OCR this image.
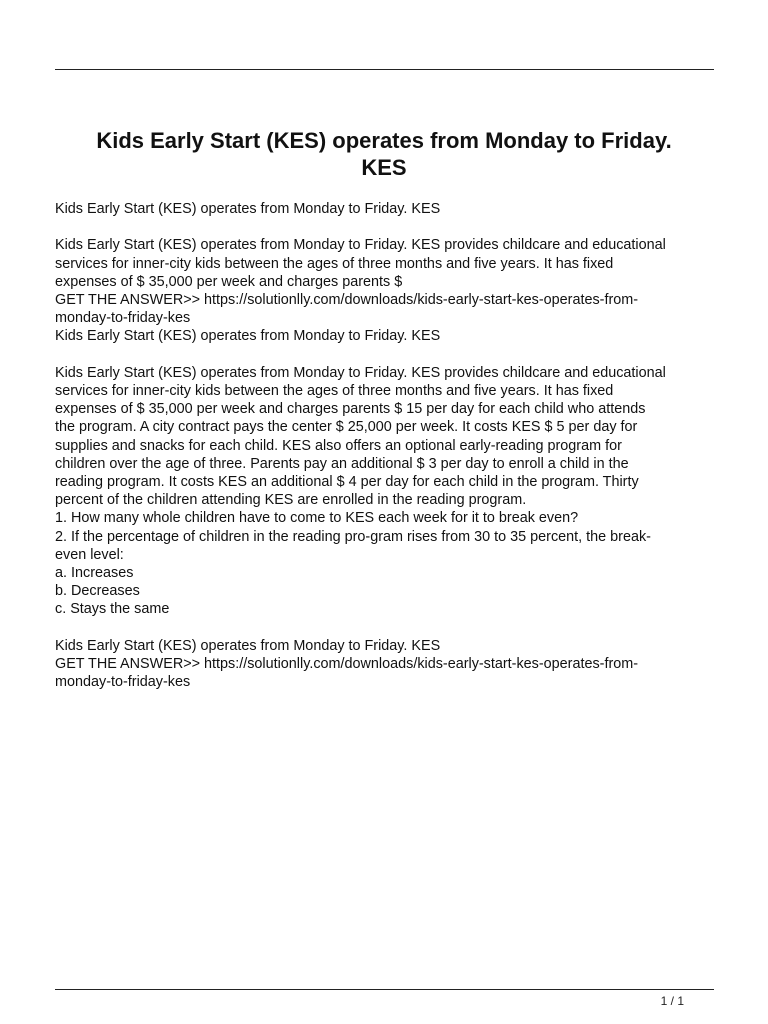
Kids Early Start (KES) operates from Monday to Friday.
KES

Kids Early Start (KES) operates from Monday to Friday. KES

Kids Early Start (KES) operates from Monday to Friday. KES provides childcare and educational
services for inner-city kids between the ages of three months and five years. It has fixed
expenses of $ 35,000 per week and charges parents $
GET THE ANSWER>> https://solutionlly.com/downloads/kids-early-start-kes-operates-from-
monday-to-friday-kes
Kids Early Start (KES) operates from Monday to Friday. KES
Kids Early Start (KES) operates from Monday to Friday. KES provides childcare and educational
services for inner-city kids between the ages of three months and five years. It has fixed
expenses of $ 35,000 per week and charges parents $ 15 per day for each child who attends
the program. A city contract pays the center $ 25,000 per week. It costs KES $ 5 per day for
supplies and snacks for each child. KES also offers an optional early-reading program for
children over the age of three. Parents pay an additional $ 3 per day to enroll a child in the
reading program. It costs KES an additional $ 4 per day for each child in the program. Thirty
percent of the children attending KES are enrolled in the reading program.
1. How many whole children have to come to KES each week for it to break even?
2. If the percentage of children in the reading pro-gram rises from 30 to 35 percent, the break-
even level:
a. Increases
b. Decreases
c. Stays the same
Kids Early Start (KES) operates from Monday to Friday. KES
GET THE ANSWER>> https://solutionlly.com/downloads/kids-early-start-kes-operates-from-
monday-to-friday-kes
1 / 1
